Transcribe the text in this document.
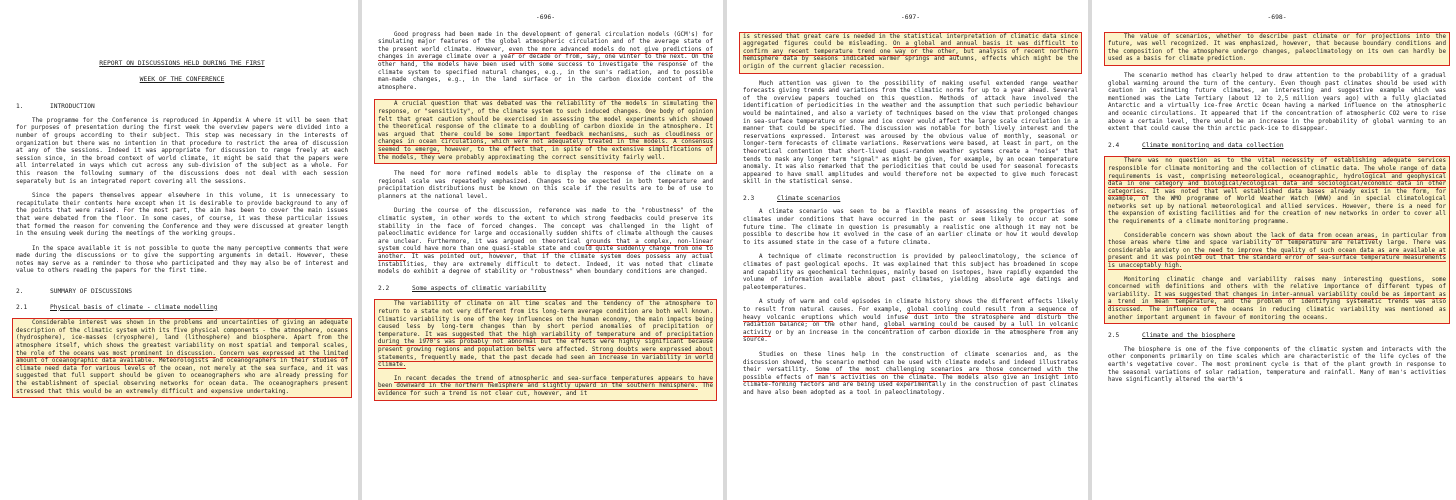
REPORT ON DISCUSSIONS HELD DURING THE FIRST
WEEK OF THE CONFERENCE
1.	INTRODUCTION

The programme for the Conference is reproduced in Appendix A where it will be seen that for purposes of presentation during the first week the overview papers were divided into a number of groups according to their subject. This step was necessary in the interests of organization but there was no intention in that procedure to restrict the area of discussion at any of the sessions. Indeed it was appropriate for discussion to range freely at each session since, in the broad context of world climate, it might be said that the papers were all interrelated in ways which cut across any sub-division of the subject as a whole. For this reason the following summary of the discussions does not deal with each session separately but is an integrated report covering all the sessions.

Since the papers themselves appear elsewhere in this volume, it is unnecessary to recapitulate their contents here except when it is desirable to provide background to any of the points that were raised. For the most part, the aim has been to cover the main issues that were debated from the floor. In some cases, of course, it was these particular issues that formed the reason for convening the Conference and they were discussed at greater length in the ensuing week during the meetings of the working groups.

In the space available it is not possible to quote the many perceptive comments that were made during the discussions or to give the supporting arguments in detail. However, these notes may serve as a reminder to those who participated and they may also be of interest and value to others reading the papers for the first time.

2.	SUMMARY OF DISCUSSIONS
2.1	Physical basis of climate - climate modelling

Considerable interest was shown in the problems and uncertainties of giving an adequate description of the climatic system with its five physical components - the atmosphere, oceans (hydrosphere), ice-masses (cryosphere), land (lithosphere) and biosphere. Apart from the atmosphere itself, which shows the greatest variability on most spatial and temporal scales, the role of the oceans was most prominent in discussion. Concern was expressed at the limited amount of oceanographic data available. Meteorologists and oceanographers in their studies of climate need data for various levels of the ocean, not merely at the sea surface, and it was suggested that full support should be given to oceanographers who are already pressing for the establishment of special observing networks for ocean data. The oceanographers present stressed that this would be an extremely difficult and expensive undertaking.

-696-

Good progress had been made in the development of general circulation models (GCM's) for simulating major features of the global atmospheric circulation and of the average state of the present world climate. However, even the more advanced models do not give predictions of changes in average climate over a year or decade or from, say, one winter to the next. On the other hand, the models have been used with some success to investigate the response of the climate system to specified natural changes, e.g., in the sun's radiation, and to possible man-made changes, e.g., in the land surface or in the carbon dioxide content of the atmosphere.

A crucial question that was debated was the reliability of the models in simulating the response, or "sensitivity", of the climate system to such induced changes. One body of opinion felt that great caution should be exercised in assessing the model experiments which showed the theoretical response of the climate to a doubling of carbon dioxide in the atmosphere. It was argued that there could be some important feedback mechanisms, such as cloudiness or changes in ocean circulations, which were not adequately treated in the models. A consensus seemed to emerge, however, to the effect that, in spite of the extensive simplifications of the models, they were probably approximating the correct sensitivity fairly well.

The need for more refined models able to display the response of the climate on a regional scale was repeatedly emphasized. Changes to be expected in both temperature and precipitation distributions must be known on this scale if the results are to be of use to planners at the national level.

During the course of the discussion, reference was made to the "robustness" of the climatic system, in other words to the extent to which strong feedbacks could preserve its stability in the face of forced changes. The concept was challenged in the light of paleoclimatic evidence for large and occasionally sudden shifts of climate although the causes are unclear. Furthermore, it was argued on theoretical grounds that a complex, non-linear system could have more than one quasi-stable state and could quite suddenly change from one to another. It was pointed out, however, that if the climate system does possess any actual instabilities, they are extremely difficult to detect. Indeed, it was noted that climate models do exhibit a degree of stability or "robustness" when boundary conditions are changed.

2.2	Some aspects of climatic variability

The variability of climate on all time scales and the tendency of the atmosphere to return to a state not very different from its long-term average condition are both well known. Climatic variability is one of the key influences on the human economy, the main impacts being caused less by long-term changes than by short period anomalies of precipitation or temperature. It was suggested that the high variability of temperature and of precipitation during the 1970's was probably not abnormal but the effects were highly significant because present growing regions and population belts were affected. Strong doubts were expressed about statements, frequently made, that the past decade had seen an increase in variability in world climate.

In recent decades the trend of atmospheric and sea-surface temperatures appears to have been downward in the northern hemisphere and slightly upward in the southern hemisphere. The evidence for such a trend is not clear cut, however, and it

-697-

is stressed that great care is needed in the statistical interpretation of climatic data since aggregated figures could be misleading. On a global and annual basis it was difficult to confirm any recent temperature trend one way or the other, but analysis of recent northern hemisphere data by seasons indicated warmer springs and autumns, effects which might be the origin of the current glacier recession.

Much attention was given to the possibility of making useful extended range weather forecasts giving trends and variations from the climatic norms for up to a year ahead. Several of the overview papers touched on this question. Methods of attack have involved the identification of periodicities in the weather and the assumption that such periodic behaviour would be maintained, and also a variety of techniques based on the view that prolonged changes in sea-surface temperature or snow and ice cover would affect the large scale circulation in a manner that could be specified. The discussion was notable for both lively interest and the reservations expressed. Interest was aroused by the obvious value of monthly, seasonal or longer-term forecasts of climate variations. Reservations were based, at least in part, on the theoretical contention that short-lived quasi-random weather systems create a "noise" that tends to mask any longer term "signal" as might be given, for example, by an ocean temperature anomaly. It was also remarked that the periodicities that could be used for seasonal forecasts appeared to have small amplitudes and would therefore not be expected to give much forecast skill in the statistical sense.

2.3	Climate scenarios

A climate scenario was seen to be a flexible means of assessing the properties of climates under conditions that have occurred in the past or seem likely to occur at some future time. The climate in question is presumably a realistic one although it may not be possible to describe how it evolved in the case of an earlier climate or how it would develop to its assumed state in the case of a future climate.

A technique of climate reconstruction is provided by paleoclimatology, the science of climates of past geological epochs. It was explained that this subject has broadened in scope and capability as geochemical techniques, mainly based on isotopes, have rapidly expanded the volume of information available about past climates, yielding absolute age datings and paleotemperatures.

A study of warm and cold episodes in climate history shows the different effects likely to result from natural causes. For example, global cooling could result from a sequence of heavy volcanic eruptions which would infuse dust into the stratosphere and disturb the radiation balance; on the other hand, global warming could be caused by a lull in volcanic activity or by an increase in the concentration of carbon dioxide in the atmosphere from any source.

Studies on these lines help in the construction of climate scenarios and, as the discussion showed, the scenario method can be used with climate models and indeed illustrates their versatility. Some of the most challenging scenarios are those concerned with the possible effects of man's activities on the climate. The models also give an insight into climate-forming factors and are being used experimentally in the construction of past climates and have also been adopted as a tool in paleoclimatology.

-698-

The value of scenarios, whether to describe past climate or for projections into the future, was well recognized. It was emphasized, however, that because boundary conditions and the composition of the atmosphere undergo changes, paleoclimatology on its own can hardly be used as a basis for climate prediction.

The scenario method has clearly helped to draw attention to the probability of a gradual global warming around the turn of the century. Even though past climates should be used with caution in estimating future climates, an interesting and suggestive example which was mentioned was the Late Tertiary (about 12 to 2,5 million years ago) with a fully glaciated Antarctic and a virtually ice-free Arctic Ocean having a marked influence on the atmospheric and oceanic circulations. It appeared that if the concentration of atmospheric CO2 were to rise above a certain level, there would be an increase in the probability of global warming to an extent that could cause the thin arctic pack-ice to disappear.

2.4	Climate monitoring and data collection

There was no question as to the vital necessity of establishing adequate services responsible for climate monitoring and the collection of climatic data. The whole range of data requirements is vast, comprising meteorological, oceanographic, hydrological and geophysical data in one category and biological/ecological data and sociological/economic data in other categories. It was noted that well established data bases already exist in the form, for example, of the WMO programme of World Weather Watch (WWW) and in special climatological networks set up by national meteorological and allied services. However, there is a need for the expansion of existing facilities and for the creation of new networks in order to cover all the requirements of a climate monitoring programme.

Considerable concern was shown about the lack of data from ocean areas, in particular from those areas where time and space variability of temperature are relatively large. There was considerable anxiety on the need to improve the quality of such ocean data as are available at present and it was pointed out that the standard error of sea-surface temperature measurements is unacceptably high.

Monitoring climatic change and variability raises many interesting questions, some concerned with definitions and others with the relative importance of different types of variability. It was suggested that changes in inter-annual variability could be as important as a trend in mean temperature, and the problem of identifying systematic trends was also discussed. The influence of the oceans in reducing climatic variability was mentioned as another important argument in favour of monitoring the oceans.

2.5	Climate and the biosphere

The biosphere is one of the five components of the climatic system and interacts with the other components primarily on time scales which are characteristic of the life cycles of the earth's vegetative cover. The most prominent cycle is that of the plant growth in response to the seasonal variations of solar radiation, temperature and rainfall. Many of man's activities have significantly altered the earth's
